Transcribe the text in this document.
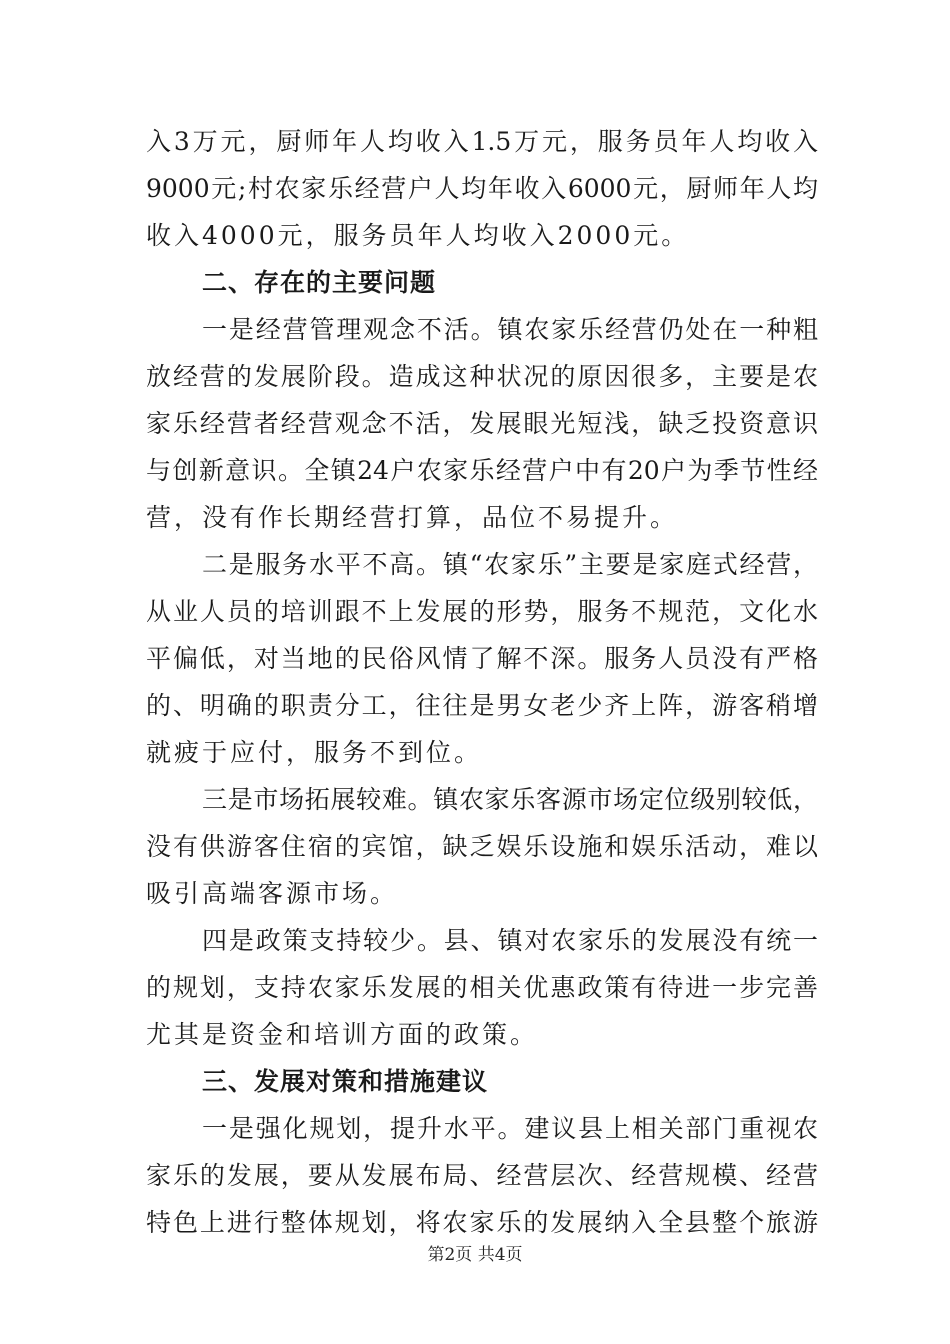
入3万元，厨师年人均收入1.5万元，服务员年人均收入
9000元;村农家乐经营户人均年收入6000元，厨师年人均
收入4000元，服务员年人均收入2000元。
二、存在的主要问题
一是经营管理观念不活。镇农家乐经营仍处在一种粗
放经营的发展阶段。造成这种状况的原因很多，主要是农
家乐经营者经营观念不活，发展眼光短浅，缺乏投资意识
与创新意识。全镇24户农家乐经营户中有20户为季节性经
营，没有作长期经营打算，品位不易提升。
二是服务水平不高。镇“农家乐”主要是家庭式经营，
从业人员的培训跟不上发展的形势，服务不规范，文化水
平偏低，对当地的民俗风情了解不深。服务人员没有严格
的、明确的职责分工，往往是男女老少齐上阵，游客稍增
就疲于应付，服务不到位。
三是市场拓展较难。镇农家乐客源市场定位级别较低，
没有供游客住宿的宾馆，缺乏娱乐设施和娱乐活动，难以
吸引高端客源市场。
四是政策支持较少。县、镇对农家乐的发展没有统一
的规划，支持农家乐发展的相关优惠政策有待进一步完善
尤其是资金和培训方面的政策。
三、发展对策和措施建议
一是强化规划，提升水平。建议县上相关部门重视农
家乐的发展，要从发展布局、经营层次、经营规模、经营
特色上进行整体规划，将农家乐的发展纳入全县整个旅游
第2页 共4页
